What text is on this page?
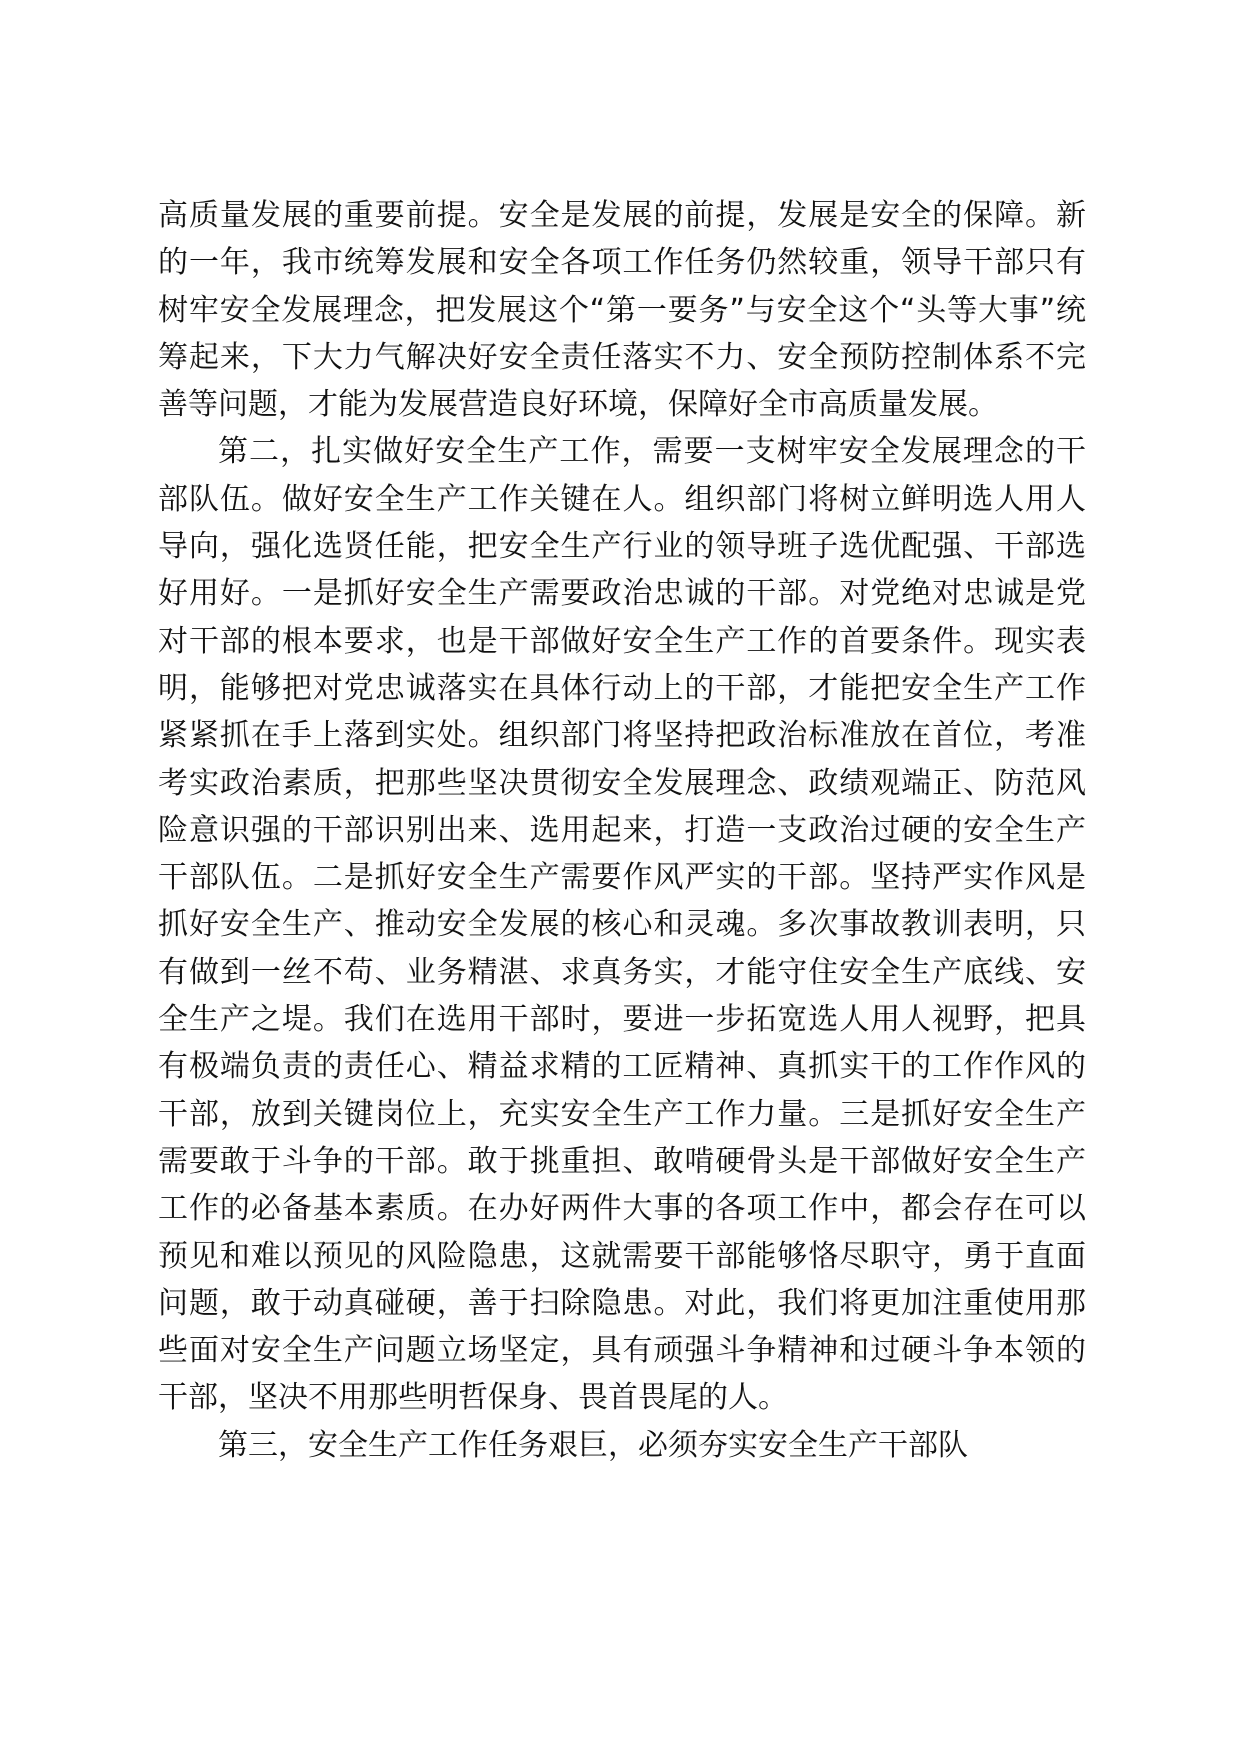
高质量发展的重要前提。安全是发展的前提，发展是安全的保障。新的一年，我市统筹发展和安全各项工作任务仍然较重，领导干部只有树牢安全发展理念，把发展这个“第一要务”与安全这个“头等大事”统筹起来，下大力气解决好安全责任落实不力、安全预防控制体系不完善等问题，才能为发展营造良好环境，保障好全市高质量发展。

第二，扎实做好安全生产工作，需要一支树牢安全发展理念的干部队伍。做好安全生产工作关键在人。组织部门将树立鲜明选人用人导向，强化选贤任能，把安全生产行业的领导班子选优配强、干部选好用好。一是抓好安全生产需要政治忠诚的干部。对党绝对忠诚是党对干部的根本要求，也是干部做好安全生产工作的首要条件。现实表明，能够把对党忠诚落实在具体行动上的干部，才能把安全生产工作紧紧抓在手上落到实处。组织部门将坚持把政治标准放在首位，考准考实政治素质，把那些坚决贯彻安全发展理念、政绩观端正、防范风险意识强的干部识别出来、选用起来，打造一支政治过硬的安全生产干部队伍。二是抓好安全生产需要作风严实的干部。坚持严实作风是抓好安全生产、推动安全发展的核心和灵魂。多次事故教训表明，只有做到一丝不苟、业务精湛、求真务实，才能守住安全生产底线、安全生产之堤。我们在选用干部时，要进一步拓宽选人用人视野，把具有极端负责的责任心、精益求精的工匠精神、真抓实干的工作作风的干部，放到关键岗位上，充实安全生产工作力量。三是抓好安全生产需要敢于斗争的干部。敢于挑重担、敢啃硬骨头是干部做好安全生产工作的必备基本素质。在办好两件大事的各项工作中，都会存在可以预见和难以预见的风险隐患，这就需要干部能够恪尽职守，勇于直面问题，敢于动真碰硬，善于扫除隐患。对此，我们将更加注重使用那些面对安全生产问题立场坚定，具有顽强斗争精神和过硬斗争本领的干部，坚决不用那些明哲保身、畏首畏尾的人。

第三，安全生产工作任务艰巨，必须夯实安全生产干部队
